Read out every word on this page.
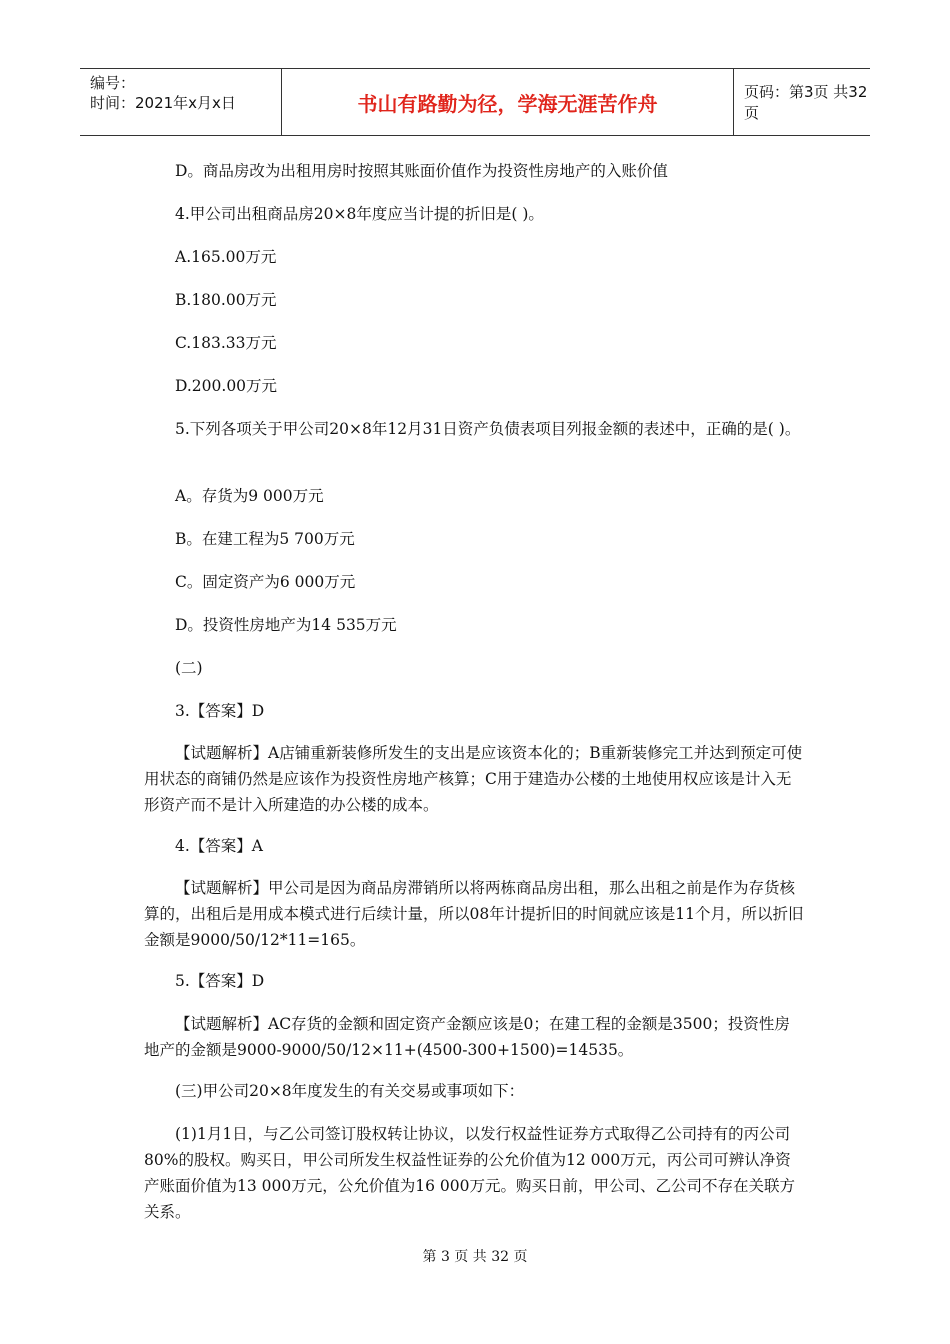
编号：
时间：2021年x月x日	书山有路勤为径，学海无涯苦作舟	页码：第3页 共32页
D。商品房改为出租用房时按照其账面价值作为投资性房地产的入账价值
4.甲公司出租商品房20×8年度应当计提的折旧是( )。
A.165.00万元
B.180.00万元
C.183.33万元
D.200.00万元
5.下列各项关于甲公司20×8年12月31日资产负债表项目列报金额的表述中，正确的是( )。
A。存货为9 000万元
B。在建工程为5 700万元
C。固定资产为6 000万元
D。投资性房地产为14 535万元
(二)
3.【答案】D
【试题解析】A店铺重新装修所发生的支出是应该资本化的；B重新装修完工并达到预定可使用状态的商铺仍然是应该作为投资性房地产核算；C用于建造办公楼的土地使用权应该是计入无形资产而不是计入所建造的办公楼的成本。
4.【答案】A
【试题解析】甲公司是因为商品房滞销所以将两栋商品房出租，那么出租之前是作为存货核算的，出租后是用成本模式进行后续计量，所以08年计提折旧的时间就应该是11个月，所以折旧金额是9000/50/12*11=165。
5.【答案】D
【试题解析】AC存货的金额和固定资产金额应该是0；在建工程的金额是3500；投资性房地产的金额是9000-9000/50/12×11+(4500-300+1500)=14535。
(三)甲公司20×8年度发生的有关交易或事项如下：
(1)1月1日，与乙公司签订股权转让协议，以发行权益性证券方式取得乙公司持有的丙公司80%的股权。购买日，甲公司所发生权益性证券的公允价值为12 000万元，丙公司可辨认净资产账面价值为13 000万元，公允价值为16 000万元。购买日前，甲公司、乙公司不存在关联方关系。
第 3 页 共 32 页
